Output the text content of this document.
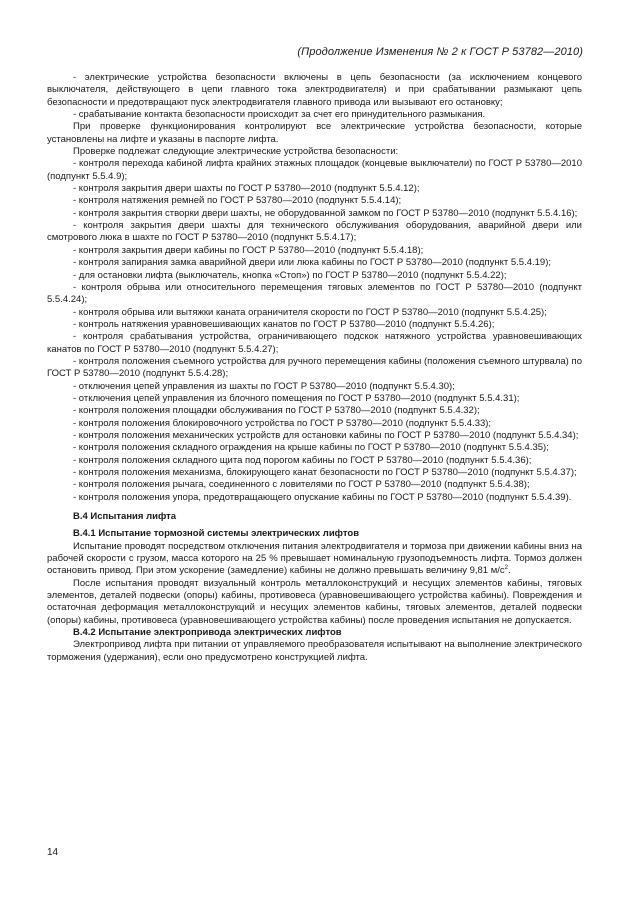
(Продолжение Изменения № 2 к ГОСТ Р 53782—2010)

- электрические устройства безопасности включены в цепь безопасности (за исключением концевого выключателя, действующего в цепи главного тока электродвигателя) и при срабатывании размыкают цепь безопасности и предотвращают пуск электродвигателя главного привода или вызывают его остановку;

- срабатывание контакта безопасности происходит за счет его принудительного размыкания.

При проверке функционирования контролируют все электрические устройства безопасности, которые установлены на лифте и указаны в паспорте лифта.

Проверке подлежат следующие электрические устройства безопасности:

- контроля перехода кабиной лифта крайних этажных площадок (концевые выключатели) по ГОСТ Р 53780—2010 (подпункт 5.5.4.9);

- контроля закрытия двери шахты по ГОСТ Р 53780—2010 (подпункт 5.5.4.12);

- контроля натяжения ремней по ГОСТ Р 53780—2010 (подпункт 5.5.4.14);

- контроля закрытия створки двери шахты, не оборудованной замком по ГОСТ Р 53780—2010 (подпункт 5.5.4.16);

- контроля закрытия двери шахты для технического обслуживания оборудования, аварийной двери или смотрового люка в шахте по ГОСТ Р 53780—2010 (подпункт 5.5.4.17);

- контроля закрытия двери кабины по ГОСТ Р 53780—2010 (подпункт 5.5.4.18);

- контроля запирания замка аварийной двери или люка кабины по ГОСТ Р 53780—2010 (подпункт 5.5.4.19);

- для остановки лифта (выключатель, кнопка «Стоп») по ГОСТ Р 53780—2010 (подпункт 5.5.4.22);

- контроля обрыва или относительного перемещения тяговых элементов по ГОСТ Р 53780—2010 (подпункт 5.5.4.24);

- контроля обрыва или вытяжки каната ограничителя скорости по ГОСТ Р 53780—2010 (подпункт 5.5.4.25);

- контроль натяжения уравновешивающих канатов по ГОСТ Р 53780—2010 (подпункт 5.5.4.26);

- контроля срабатывания устройства, ограничивающего подскок натяжного устройства уравновешивающих канатов по ГОСТ Р 53780—2010 (подпункт 5.5.4.27);

- контроля положения съемного устройства для ручного перемещения кабины (положения съемного штурвала) по ГОСТ Р 53780—2010 (подпункт 5.5.4.28);

- отключения цепей управления из шахты по ГОСТ Р 53780—2010 (подпункт 5.5.4.30);

- отключения цепей управления из блочного помещения по ГОСТ Р 53780—2010 (подпункт 5.5.4.31);

- контроля положения площадки обслуживания по ГОСТ Р 53780—2010 (подпункт 5.5.4.32);

- контроля положения блокировочного устройства по ГОСТ Р 53780—2010 (подпункт 5.5.4.33);

- контроля положения механических устройств для остановки кабины по ГОСТ Р 53780—2010 (подпункт 5.5.4.34);

- контроля положения складного ограждения на крыше кабины по ГОСТ Р 53780—2010 (подпункт 5.5.4.35);

- контроля положения складного щита под порогом кабины по ГОСТ Р 53780—2010 (подпункт 5.5.4.36);

- контроля положения механизма, блокирующего канат безопасности по ГОСТ Р 53780—2010 (подпункт 5.5.4.37);

- контроля положения рычага, соединенного с ловителями по ГОСТ Р 53780—2010 (подпункт 5.5.4.38);

- контроля положения упора, предотвращающего опускание кабины по ГОСТ Р 53780—2010 (подпункт 5.5.4.39).

В.4 Испытания лифта

В.4.1 Испытание тормозной системы электрических лифтов

Испытание проводят посредством отключения питания электродвигателя и тормоза при движении кабины вниз на рабочей скорости с грузом, масса которого на 25 % превышает номинальную грузоподъемность лифта. Тормоз должен остановить привод. При этом ускорение (замедление) кабины не должно превышать величину 9,81 $м/с^2$.

После испытания проводят визуальный контроль металлоконструкций и несущих элементов кабины, тяговых элементов, деталей подвески (опоры) кабины, противовеса (уравновешивающего устройства кабины). Повреждения и остаточная деформация металлоконструкций и несущих элементов кабины, тяговых элементов, деталей подвески (опоры) кабины, противовеса (уравновешивающего устройства кабины) после проведения испытания не допускается.

В.4.2 Испытание электропривода электрических лифтов

Электропривод лифта при питании от управляемого преобразователя испытывают на выполнение электрического торможения (удержания), если оно предусмотрено конструкцией лифта.

14
